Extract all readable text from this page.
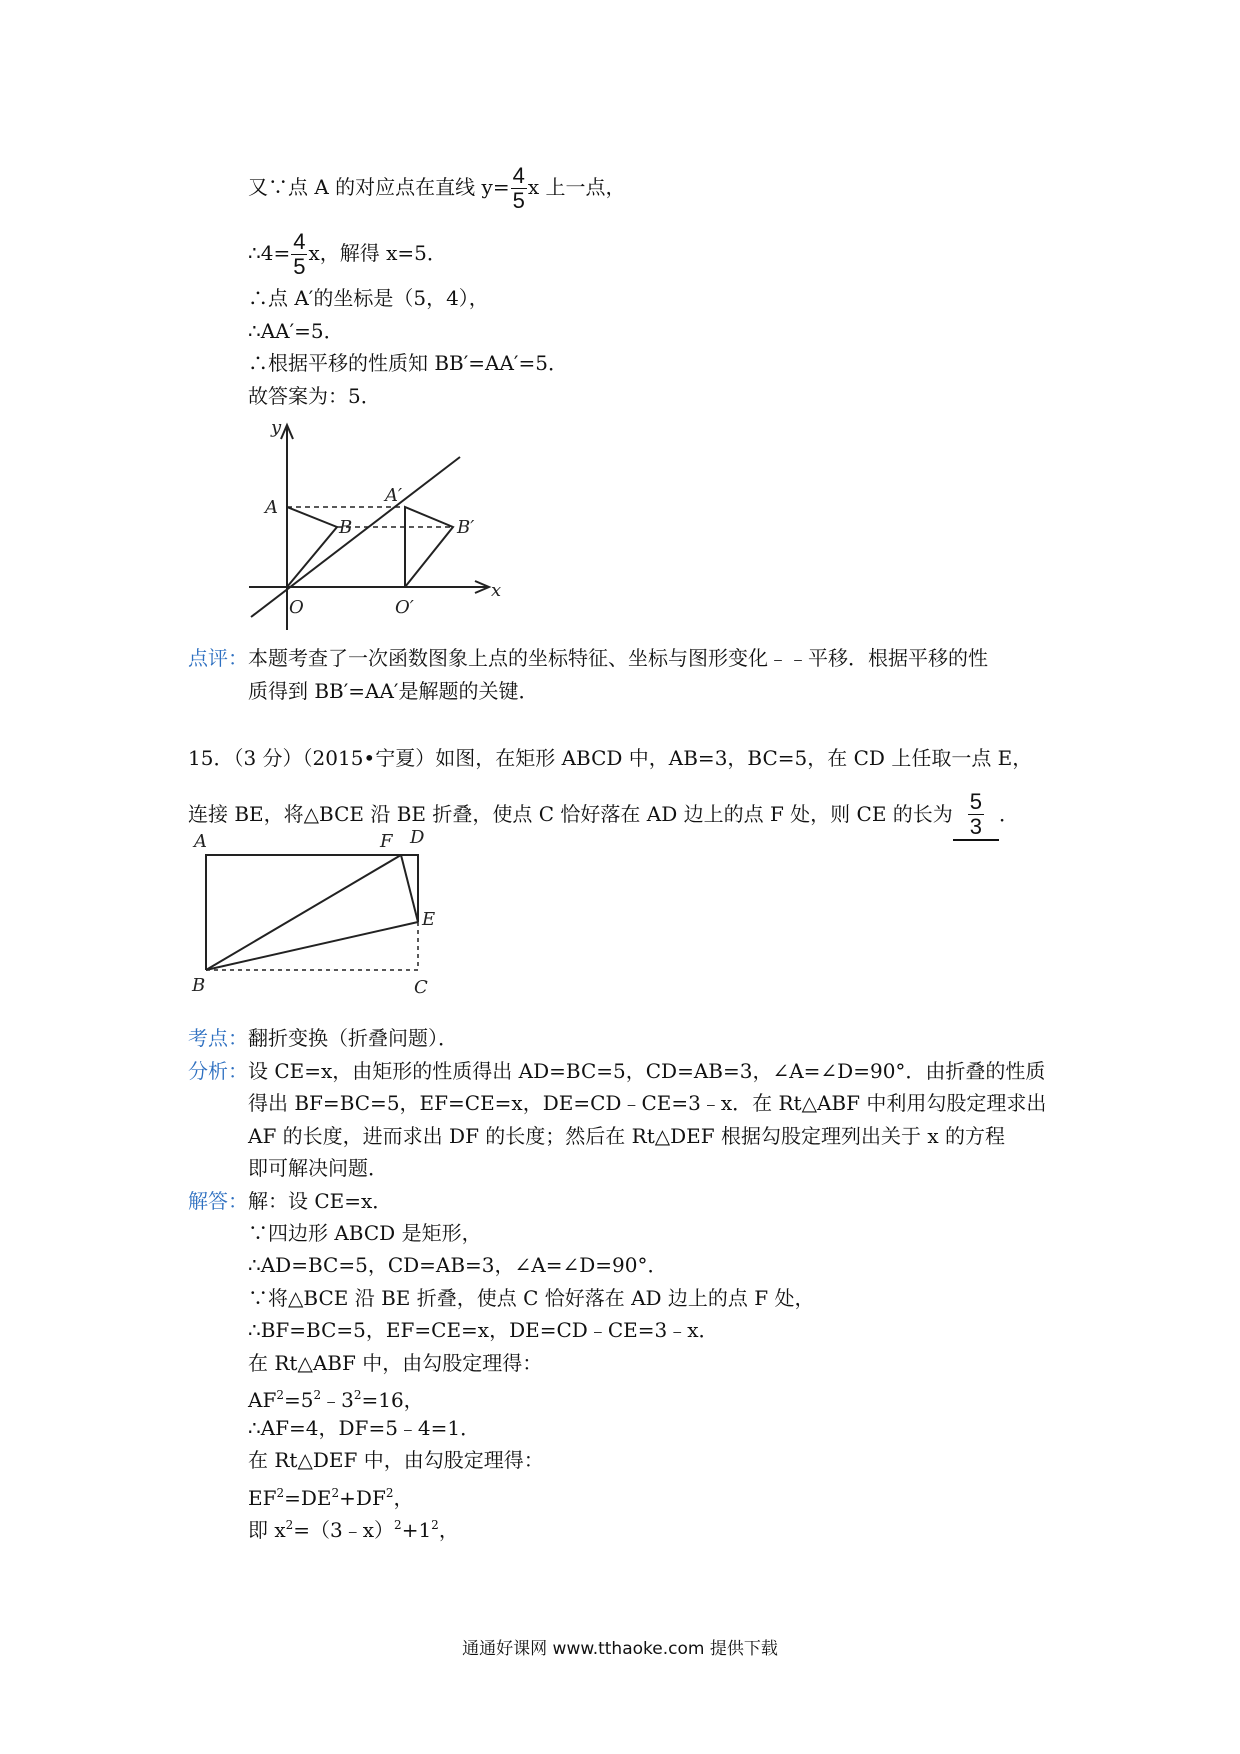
又∵点 A 的对应点在直线 $y= \frac{4}{5}$ x 上一点，
∴4= $\frac{4}{5}$ x，解得 x=5．
∴点 A′的坐标是（5，4），
∴AA′=5．
∴根据平移的性质知 BB′=AA′=5．
故答案为：5．
y
x
A
B
A′
B′
O	O′
点评：本题考查了一次函数图象上点的坐标特征、坐标与图形变化﹣﹣平移．根据平移的性
质得到 BB′=AA′是解题的关键．
15．（3 分）（2015•宁夏）如图，在矩形 ABCD 中，AB=3，BC=5，在 CD 上任取一点 E，
连接 BE，将△BCE 沿 BE 折叠，使点 C 恰好落在 AD 边上的点 F 处，则 CE 的长为 $\frac{5}{3}$ ．
A	F D
E
B	C
考点：翻折变换（折叠问题）．
分析：设 CE=x，由矩形的性质得出 AD=BC=5，CD=AB=3，∠A=∠D=90°．由折叠的性质
得出 BF=BC=5，EF=CE=x，DE=CD﹣CE=3﹣x．在 Rt△ABF 中利用勾股定理求出
AF 的长度，进而求出 DF 的长度；然后在 Rt△DEF 根据勾股定理列出关于 x 的方程
即可解决问题．
解答：解：设 CE=x．
∵四边形 ABCD 是矩形，
∴AD=BC=5，CD=AB=3，∠A=∠D=90°．
∵将△BCE 沿 BE 折叠，使点 C 恰好落在 AD 边上的点 F 处，
∴BF=BC=5，EF=CE=x，DE=CD﹣CE=3﹣x．
在 Rt△ABF 中，由勾股定理得：
$AF^2=5^2﹣3^2=16$，
∴AF=4，DF=5﹣4=1．
在 Rt△DEF 中，由勾股定理得：
$EF^2=DE^2+DF^2$，
即 $x^2=(3﹣x)^2+1^2$，
通通好课网 www.tthaoke.com 提供下载
